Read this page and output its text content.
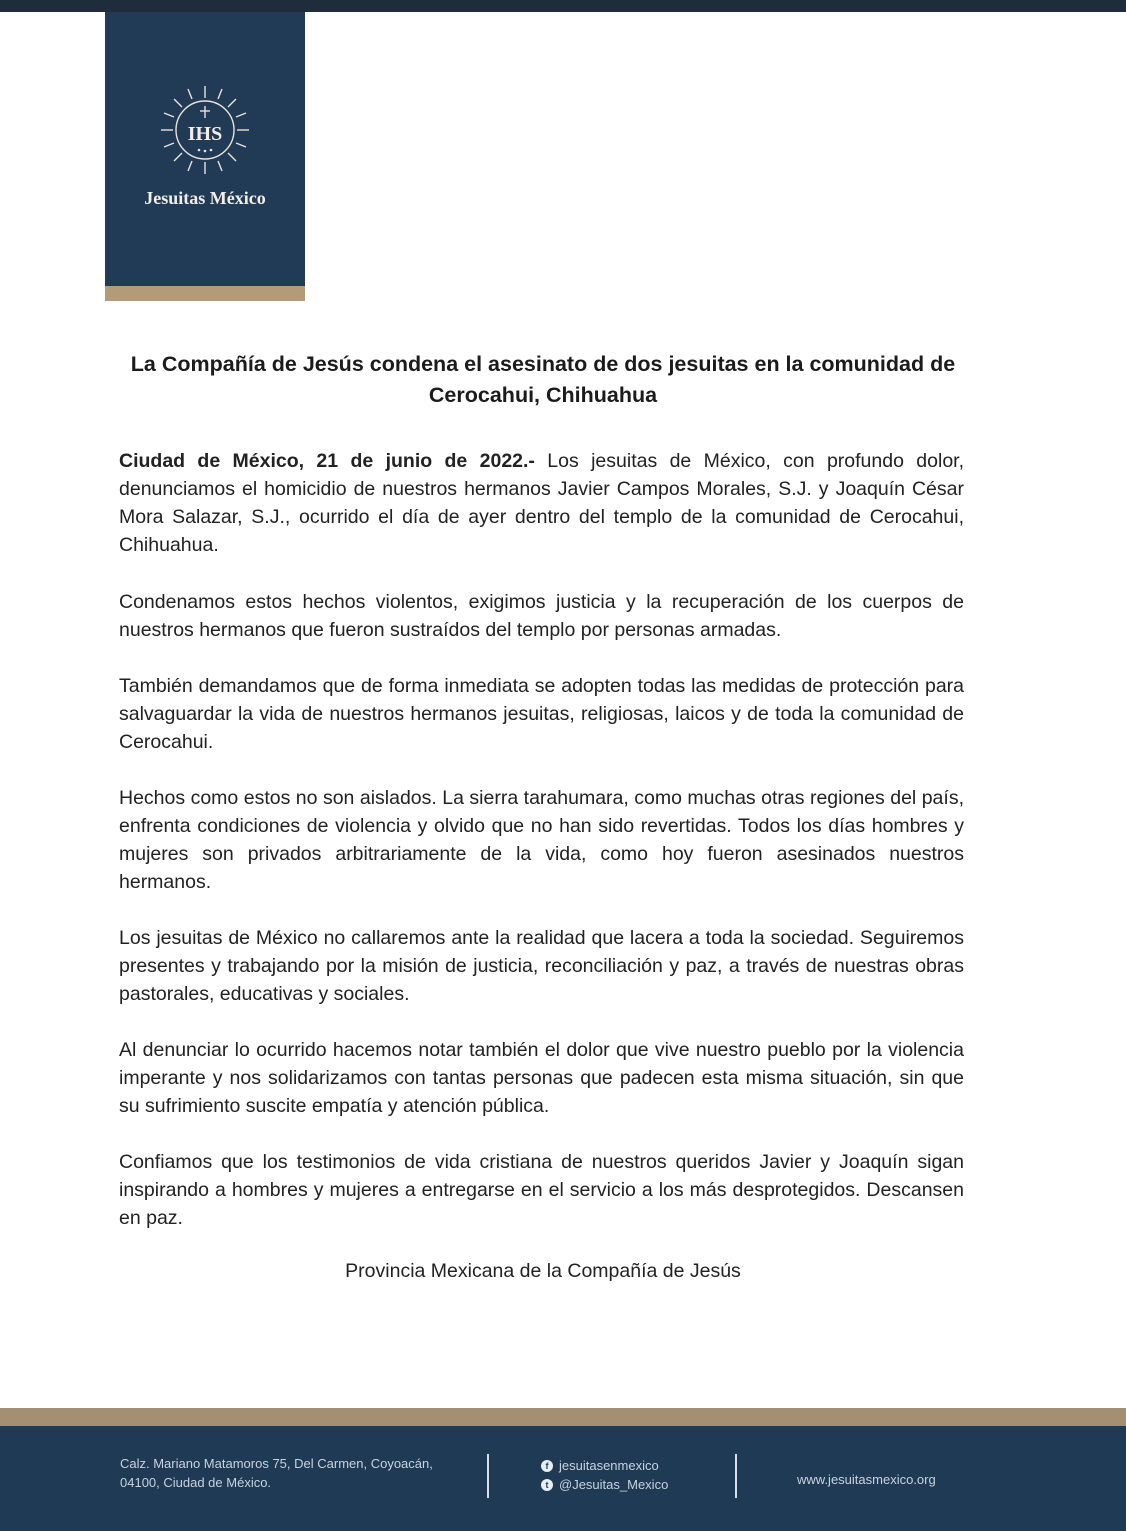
IHS
Jesuitas México
La Compañía de Jesús condena el asesinato de dos jesuitas en la comunidad de Cerocahui, Chihuahua

Ciudad de México, 21 de junio de 2022.- Los jesuitas de México, con profundo dolor, denunciamos el homicidio de nuestros hermanos Javier Campos Morales, S.J. y Joaquín César Mora Salazar, S.J., ocurrido el día de ayer dentro del templo de la comunidad de Cerocahui, Chihuahua.

Condenamos estos hechos violentos, exigimos justicia y la recuperación de los cuerpos de nuestros hermanos que fueron sustraídos del templo por personas armadas.

También demandamos que de forma inmediata se adopten todas las medidas de protección para salvaguardar la vida de nuestros hermanos jesuitas, religiosas, laicos y de toda la comunidad de Cerocahui.

Hechos como estos no son aislados. La sierra tarahumara, como muchas otras regiones del país, enfrenta condiciones de violencia y olvido que no han sido revertidas. Todos los días hombres y mujeres son privados arbitrariamente de la vida, como hoy fueron asesinados nuestros hermanos.

Los jesuitas de México no callaremos ante la realidad que lacera a toda la sociedad. Seguiremos presentes y trabajando por la misión de justicia, reconciliación y paz, a través de nuestras obras pastorales, educativas y sociales.

Al denunciar lo ocurrido hacemos notar también el dolor que vive nuestro pueblo por la violencia imperante y nos solidarizamos con tantas personas que padecen esta misma situación, sin que su sufrimiento suscite empatía y atención pública.

Confiamos que los testimonios de vida cristiana de nuestros queridos Javier y Joaquín sigan inspirando a hombres y mujeres a entregarse en el servicio a los más desprotegidos. Descansen en paz.

Provincia Mexicana de la Compañía de Jesús
Calz. Mariano Matamoros 75, Del Carmen, Coyoacán,
04100, Ciudad de México.
f jesuitasenmexico
t @Jesuitas_Mexico	www.jesuitasmexico.org
